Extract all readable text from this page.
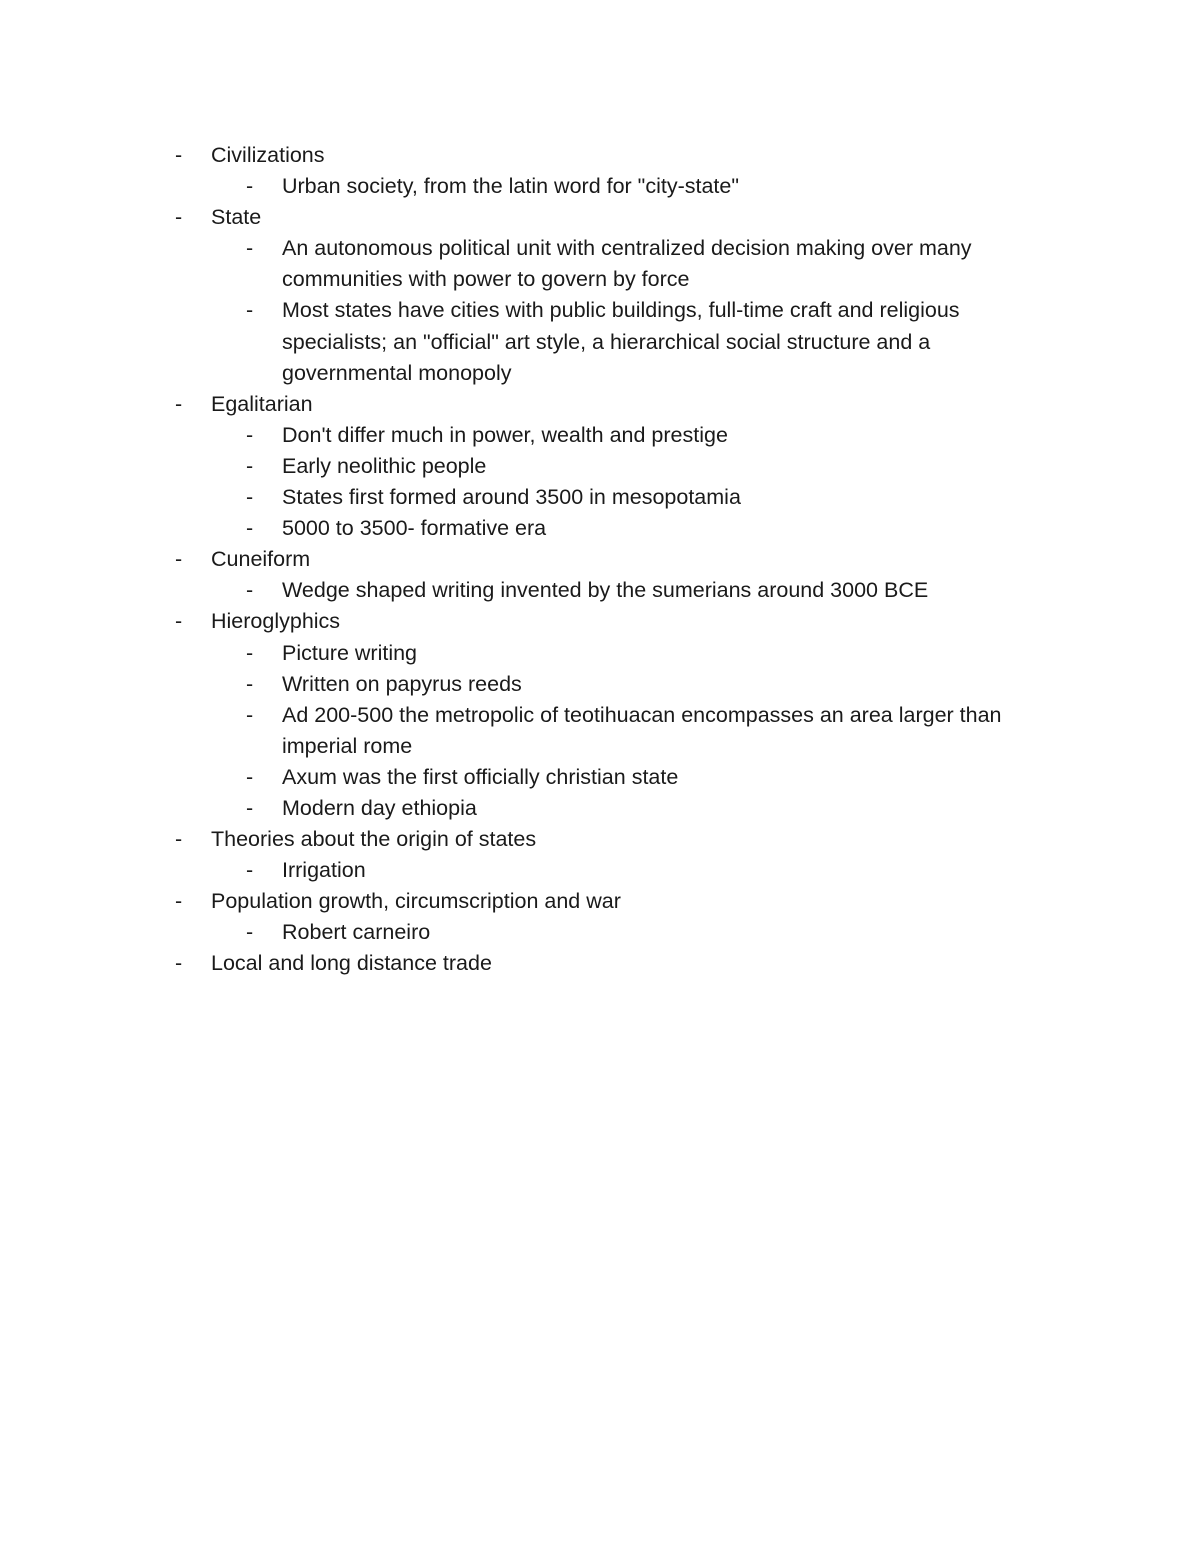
-	Civilizations
-	Urban society, from the latin word for "city-state"
-	State
-	An autonomous political unit with centralized decision making over many communities with power to govern by force
-	Most states have cities with public buildings, full-time craft and religious specialists; an "official" art style, a hierarchical social structure and a governmental monopoly
-	Egalitarian
-	Don't differ much in power, wealth and prestige
-	Early neolithic people
-	States first formed around 3500 in mesopotamia
-	5000 to 3500- formative era
-	Cuneiform
-	Wedge shaped writing invented by the sumerians around 3000 BCE
-	Hieroglyphics
-	Picture writing
-	Written on papyrus reeds
-	Ad 200-500 the metropolic of teotihuacan encompasses an area larger than imperial rome
-	Axum was the first officially christian state
-	Modern day ethiopia
-	Theories about the origin of states
-	Irrigation
-	Population growth, circumscription and war
-	Robert carneiro
-	Local and long distance trade
